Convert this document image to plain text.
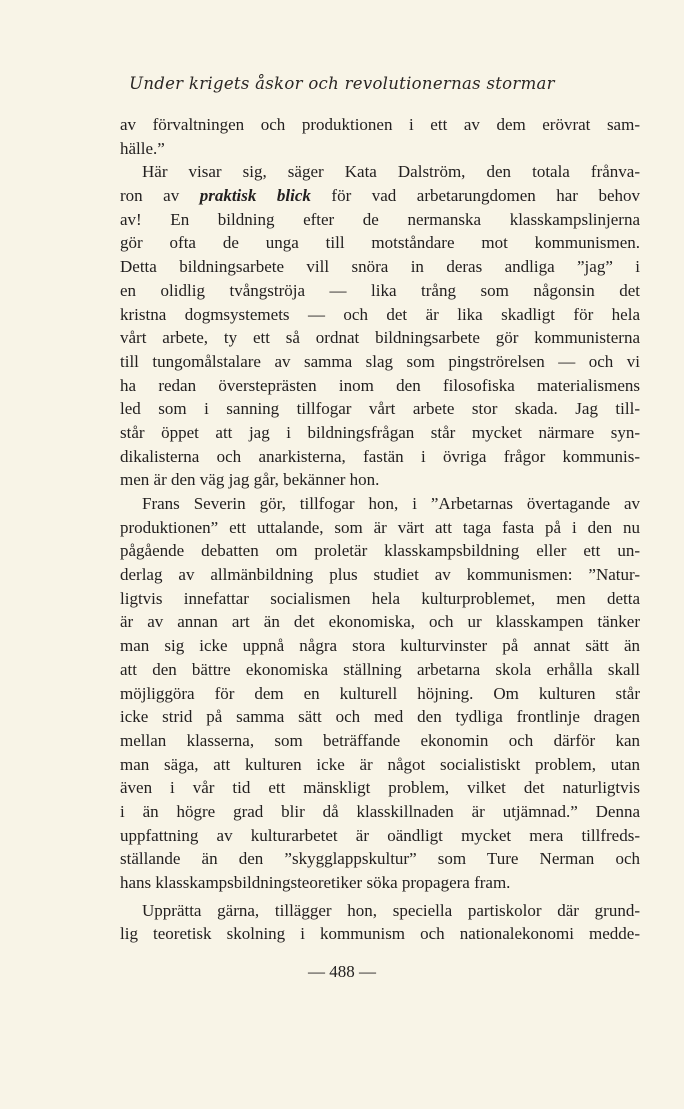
Under krigets åskor och revolutionernas stormar
av förvaltningen och produktionen i ett av dem erövrat sam-
hälle.”
Här visar sig, säger Kata Dalström, den totala frånva-
ron av praktisk blick för vad arbetarungdomen har behov
av! En bildning efter de nermanska klasskampslinjerna
gör ofta de unga till motståndare mot kommunismen.
Detta bildningsarbete vill snöra in deras andliga ”jag” i
en olidlig tvångströja — lika trång som någonsin det
kristna dogmsystemets — och det är lika skadligt för hela
vårt arbete, ty ett så ordnat bildningsarbete gör kommunisterna
till tungomålstalare av samma slag som pingströrelsen — och vi
ha redan översteprästen inom den filosofiska materialismens
led som i sanning tillfogar vårt arbete stor skada. Jag till-
står öppet att jag i bildningsfrågan står mycket närmare syn-
dikalisterna och anarkisterna, fastän i övriga frågor kommunis-
men är den väg jag går, bekänner hon.
Frans Severin gör, tillfogar hon, i ”Arbetarnas övertagande av
produktionen” ett uttalande, som är värt att taga fasta på i den nu
pågående debatten om proletär klasskampsbildning eller ett un-
derlag av allmänbildning plus studiet av kommunismen: ”Natur-
ligtvis innefattar socialismen hela kulturproblemet, men detta
är av annan art än det ekonomiska, och ur klasskampen tänker
man sig icke uppnå några stora kulturvinster på annat sätt än
att den bättre ekonomiska ställning arbetarna skola erhålla skall
möjliggöra för dem en kulturell höjning. Om kulturen står
icke strid på samma sätt och med den tydliga frontlinje dragen
mellan klasserna, som beträffande ekonomin och därför kan
man säga, att kulturen icke är något socialistiskt problem, utan
även i vår tid ett mänskligt problem, vilket det naturligtvis
i än högre grad blir då klasskillnaden är utjämnad.” Denna
uppfattning av kulturarbetet är oändligt mycket mera tillfreds-
ställande än den ”skygglappskultur” som Ture Nerman och
hans klasskampsbildningsteoretiker söka propagera fram.
Upprätta gärna, tillägger hon, speciella partiskolor där grund-
lig teoretisk skolning i kommunism och nationalekonomi medde-
— 488 —
